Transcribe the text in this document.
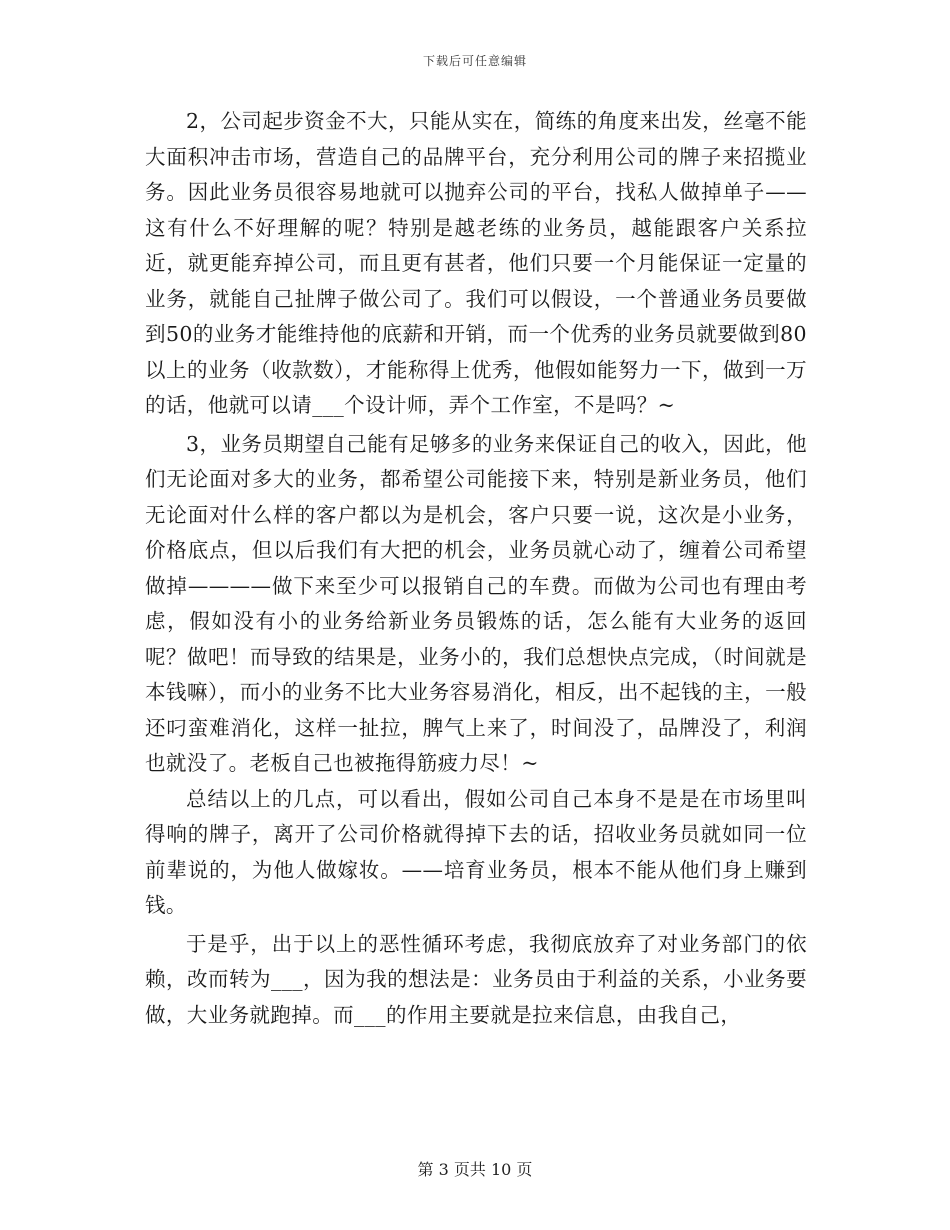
下载后可任意编辑

2，公司起步资金不大，只能从实在，简练的角度来出发，丝毫不能大面积冲击市场，营造自己的品牌平台，充分利用公司的牌子来招揽业务。因此业务员很容易地就可以抛弃公司的平台，找私人做掉单子——这有什么不好理解的呢？特别是越老练的业务员，越能跟客户关系拉近，就更能弃掉公司，而且更有甚者，他们只要一个月能保证一定量的业务，就能自己扯牌子做公司了。我们可以假设，一个普通业务员要做到50的业务才能维持他的底薪和开销，而一个优秀的业务员就要做到80以上的业务（收款数），才能称得上优秀，他假如能努力一下，做到一万的话，他就可以请___个设计师，弄个工作室，不是吗？~

3，业务员期望自己能有足够多的业务来保证自己的收入，因此，他们无论面对多大的业务，都希望公司能接下来，特别是新业务员，他们无论面对什么样的客户都以为是机会，客户只要一说，这次是小业务，价格底点，但以后我们有大把的机会，业务员就心动了，缠着公司希望做掉————做下来至少可以报销自己的车费。而做为公司也有理由考虑，假如没有小的业务给新业务员锻炼的话，怎么能有大业务的返回呢？做吧！而导致的结果是，业务小的，我们总想快点完成，（时间就是本钱嘛），而小的业务不比大业务容易消化，相反，出不起钱的主，一般还叼蛮难消化，这样一扯拉，脾气上来了，时间没了，品牌没了，利润也就没了。老板自己也被拖得筋疲力尽！~

总结以上的几点，可以看出，假如公司自己本身不是是在市场里叫得响的牌子，离开了公司价格就得掉下去的话，招收业务员就如同一位前辈说的，为他人做嫁妆。——培育业务员，根本不能从他们身上赚到钱。

于是乎，出于以上的恶性循环考虑，我彻底放弃了对业务部门的依赖，改而转为___，因为我的想法是：业务员由于利益的关系，小业务要做，大业务就跑掉。而___的作用主要就是拉来信息，由我自己，

第 3 页共 10 页
